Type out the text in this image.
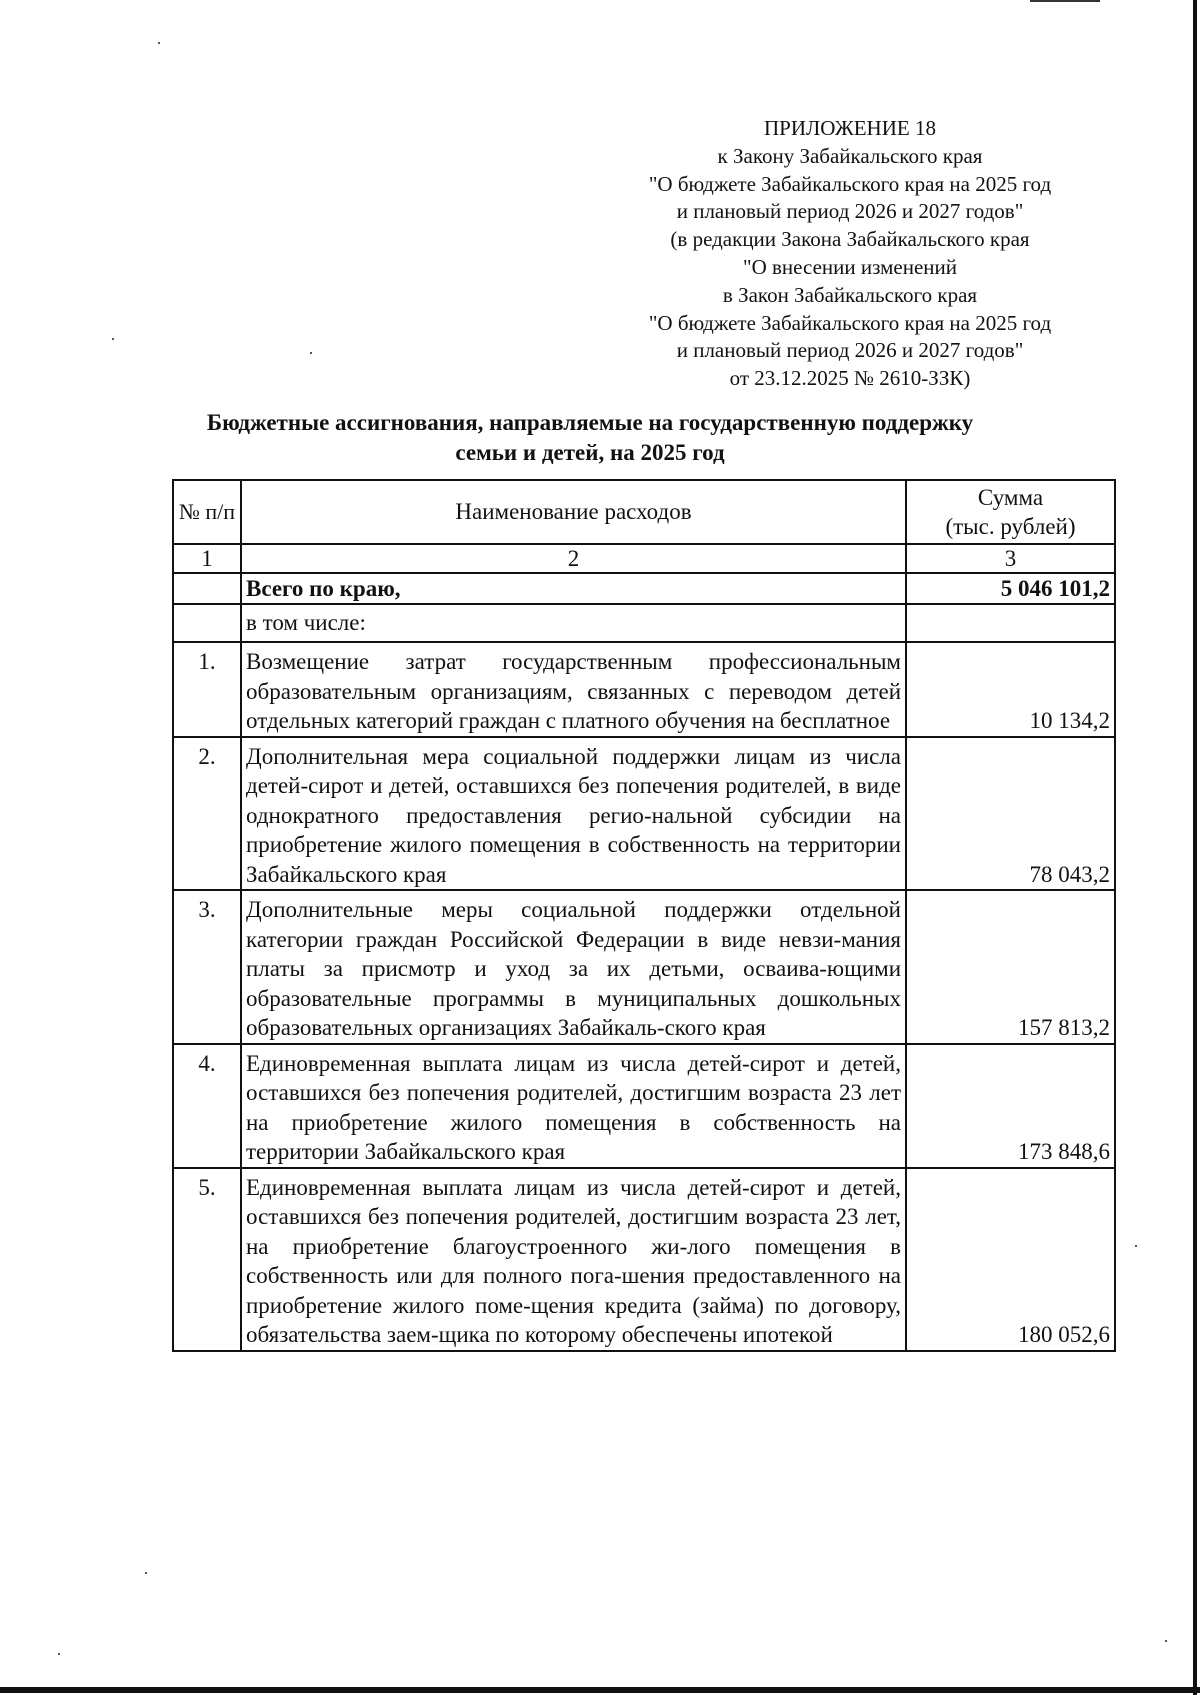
ПРИЛОЖЕНИЕ 18
к Закону Забайкальского края
"О бюджете Забайкальского края на 2025 год
и плановый период 2026 и 2027 годов"
(в редакции Закона Забайкальского края
"О внесении изменений
в Закон Забайкальского края
"О бюджете Забайкальского края на 2025 год
и плановый период 2026 и 2027 годов"
от 23.12.2025 № 2610-ЗЗК)
Бюджетные ассигнования, направляемые на государственную поддержку
семьи и детей, на 2025 год
№ п/п	Наименование расходов	Сумма
(тыс. рублей)
1	2	3
	Всего по краю,	5 046 101,2
	в том числе:	
1.	Возмещение затрат государственным профессиональным образовательным организациям, связанных с переводом детей отдельных категорий граждан с платного обучения на бесплатное	10 134,2
2.	Дополнительная мера социальной поддержки лицам из числа детей-сирот и детей, оставшихся без попечения родителей, в виде однократного предоставления регио-нальной субсидии на приобретение жилого помещения в собственность на территории Забайкальского края	78 043,2
3.	Дополнительные меры социальной поддержки отдельной категории граждан Российской Федерации в виде невзи-мания платы за присмотр и уход за их детьми, осваива-ющими образовательные программы в муниципальных дошкольных образовательных организациях Забайкаль-ского края	157 813,2
4.	Единовременная выплата лицам из числа детей-сирот и детей, оставшихся без попечения родителей, достигшим возраста 23 лет на приобретение жилого помещения в собственность на территории Забайкальского края	173 848,6
5.	Единовременная выплата лицам из числа детей-сирот и детей, оставшихся без попечения родителей, достигшим возраста 23 лет, на приобретение благоустроенного жи-лого помещения в собственность или для полного пога-шения предоставленного на приобретение жилого поме-щения кредита (займа) по договору, обязательства заем-щика по которому обеспечены ипотекой	180 052,6
